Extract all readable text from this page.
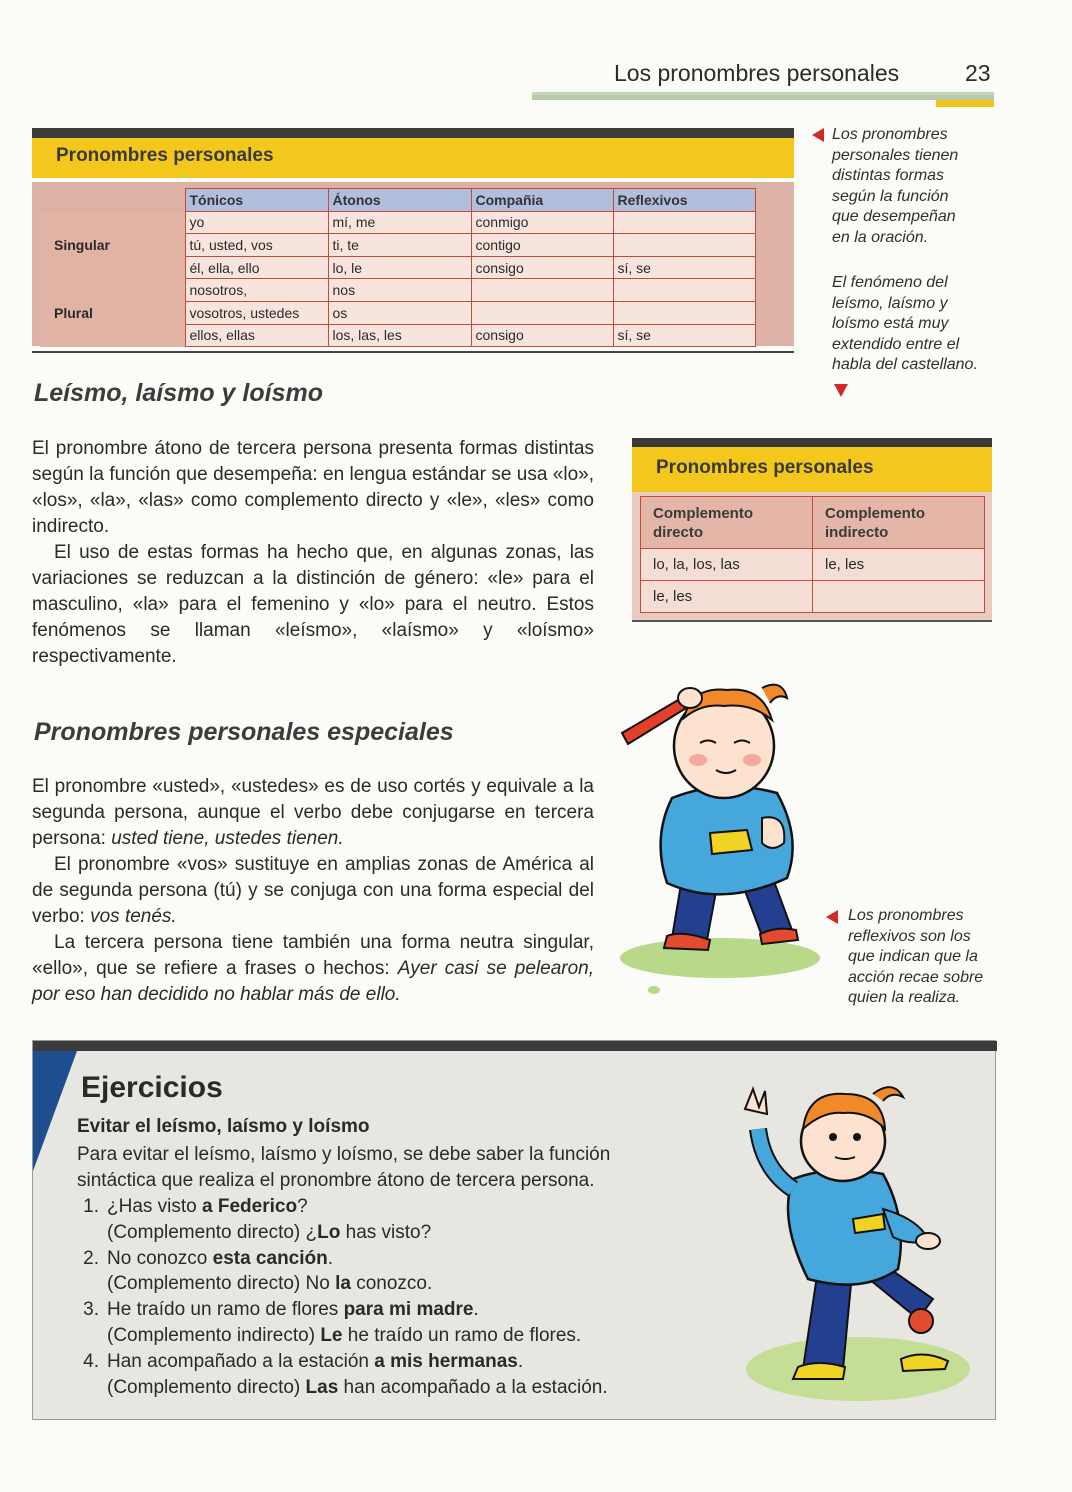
Los pronombres personales	23
Pronombres personales
	Tónicos	Átonos	Compañia	Reflexivos
Singular	yo	mí, me	conmigo	
	tú, usted, vos	ti, te	contigo	
	él, ella, ello	lo, le	consigo	sí, se
Plural	nosotros,	nos		
	vosotros, ustedes	os		
	ellos, ellas	los, las, les	consigo	sí, se
Los pronombres
personales tienen
distintas formas
según la función
que desempeñan
en la oración.
El fenómeno del
leísmo, laísmo y
loísmo está muy
extendido entre el
habla del castellano.
Leísmo, laísmo y loísmo

El pronombre átono de tercera persona presenta formas distintas según la función que desempeña: en lengua estándar se usa «lo», «los», «la», «las» como complemento directo y «le», «les» como indirecto.

El uso de estas formas ha hecho que, en algunas zonas, las variaciones se reduzcan a la distinción de género: «le» para el masculino, «la» para el femenino y «lo» para el neutro. Estos fenómenos se llaman «leísmo», «laísmo» y «loísmo» respectivamente.

Pronombres personales
Complemento directo	Complemento indirecto
lo, la, los, las	le, les
le, les	
Pronombres personales especiales

El pronombre «usted», «ustedes» es de uso cortés y equivale a la segunda persona, aunque el verbo debe conjugarse en tercera persona: usted tiene, ustedes tienen.

El pronombre «vos» sustituye en amplias zonas de América al de segunda persona (tú) y se conjuga con una forma especial del verbo: vos tenés.

La tercera persona tiene también una forma neutra singular, «ello», que se refiere a frases o hechos: Ayer casi se pelearon, por eso han decidido no hablar más de ello.

Los pronombres
reflexivos son los
que indican que la
acción recae sobre
quien la realiza.
Ejercicios
Evitar el leísmo, laísmo y loísmo
Para evitar el leísmo, laísmo y loísmo, se debe saber la función sintáctica que realiza el pronombre átono de tercera persona.
1. ¿Has visto a Federico?
(Complemento directo) ¿Lo has visto?
2. No conozco esta canción.
(Complemento directo) No la conozco.
3. He traído un ramo de flores para mi madre.
(Complemento indirecto) Le he traído un ramo de flores.
4. Han acompañado a la estación a mis hermanas.
(Complemento directo) Las han acompañado a la estación.
